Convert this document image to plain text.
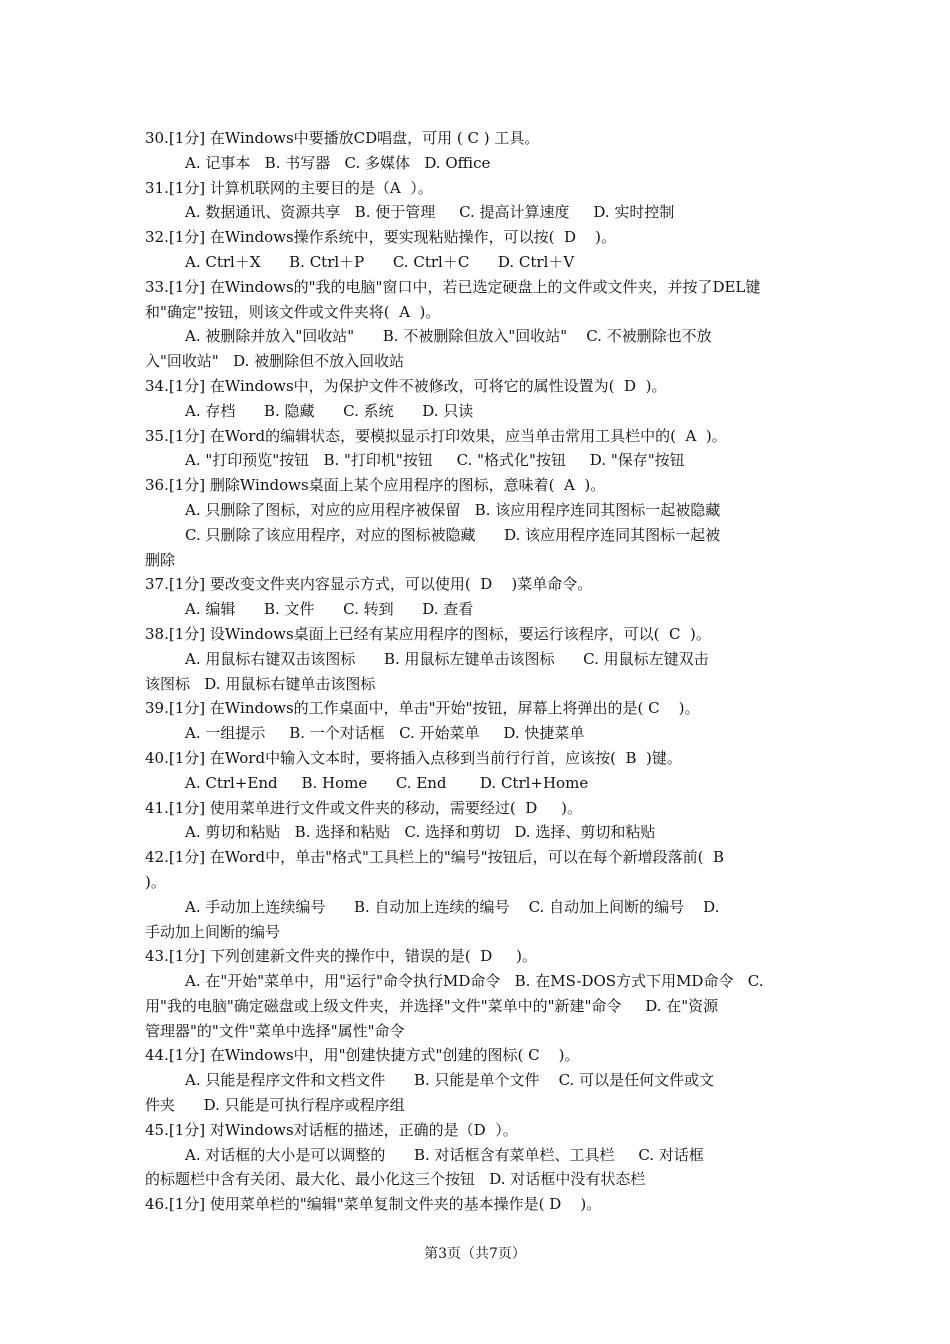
30.[1分] 在Windows中要播放CD唱盘，可用 ( C ) 工具。
A. 记事本   B. 书写器   C. 多媒体   D. Office
31.[1分] 计算机联网的主要目的是（A  ）。
A. 数据通讯、资源共享   B. 便于管理     C. 提高计算速度     D. 实时控制
32.[1分] 在Windows操作系统中，要实现粘贴操作，可以按(  D    )。
A. Ctrl＋X      B. Ctrl＋P      C. Ctrl＋C      D. Ctrl＋V
33.[1分] 在Windows的"我的电脑"窗口中，若已选定硬盘上的文件或文件夹，并按了DEL键
和"确定"按钮，则该文件或文件夹将(  A  )。
A. 被删除并放入"回收站"      B. 不被删除但放入"回收站"    C. 不被删除也不放
入"回收站"   D. 被删除但不放入回收站
34.[1分] 在Windows中，为保护文件不被修改，可将它的属性设置为(  D  )。
A. 存档      B. 隐藏      C. 系统      D. 只读
35.[1分] 在Word的编辑状态，要模拟显示打印效果，应当单击常用工具栏中的(  A  )。
A. "打印预览"按钮   B. "打印机"按钮     C. "格式化"按钮     D. "保存"按钮
36.[1分] 删除Windows桌面上某个应用程序的图标，意味着(  A  )。
A. 只删除了图标，对应的应用程序被保留   B. 该应用程序连同其图标一起被隐藏
C. 只删除了该应用程序，对应的图标被隐藏      D. 该应用程序连同其图标一起被
删除
37.[1分] 要改变文件夹内容显示方式，可以使用(  D    )菜单命令。
A. 编辑      B. 文件      C. 转到      D. 查看
38.[1分] 设Windows桌面上已经有某应用程序的图标，要运行该程序，可以(  C  )。
A. 用鼠标右键双击该图标      B. 用鼠标左键单击该图标      C. 用鼠标左键双击
该图标   D. 用鼠标右键单击该图标
39.[1分] 在Windows的工作桌面中，单击"开始"按钮，屏幕上将弹出的是( C    )。
A. 一组提示     B. 一个对话框   C. 开始菜单     D. 快捷菜单
40.[1分] 在Word中输入文本时，要将插入点移到当前行行首，应该按(  B  )键。
A. Ctrl+End     B. Home      C. End       D. Ctrl+Home
41.[1分] 使用菜单进行文件或文件夹的移动，需要经过(  D     )。
A. 剪切和粘贴   B. 选择和粘贴   C. 选择和剪切   D. 选择、剪切和粘贴
42.[1分] 在Word中，单击"格式"工具栏上的"编号"按钮后，可以在每个新增段落前(  B
)。
A. 手动加上连续编号      B. 自动加上连续的编号    C. 自动加上间断的编号    D.
手动加上间断的编号
43.[1分] 下列创建新文件夹的操作中，错误的是(  D     )。
A. 在"开始"菜单中，用"运行"命令执行MD命令   B. 在MS-DOS方式下用MD命令   C.
用"我的电脑"确定磁盘或上级文件夹，并选择"文件"菜单中的"新建"命令     D. 在"资源
管理器"的"文件"菜单中选择"属性"命令
44.[1分] 在Windows中，用"创建快捷方式"创建的图标( C    )。
A. 只能是程序文件和文档文件      B. 只能是单个文件    C. 可以是任何文件或文
件夹      D. 只能是可执行程序或程序组
45.[1分] 对Windows对话框的描述，正确的是（D  ）。
A. 对话框的大小是可以调整的      B. 对话框含有菜单栏、工具栏     C. 对话框
的标题栏中含有关闭、最大化、最小化这三个按钮   D. 对话框中没有状态栏
46.[1分] 使用菜单栏的"编辑"菜单复制文件夹的基本操作是( D    )。
第3页（共7页）
